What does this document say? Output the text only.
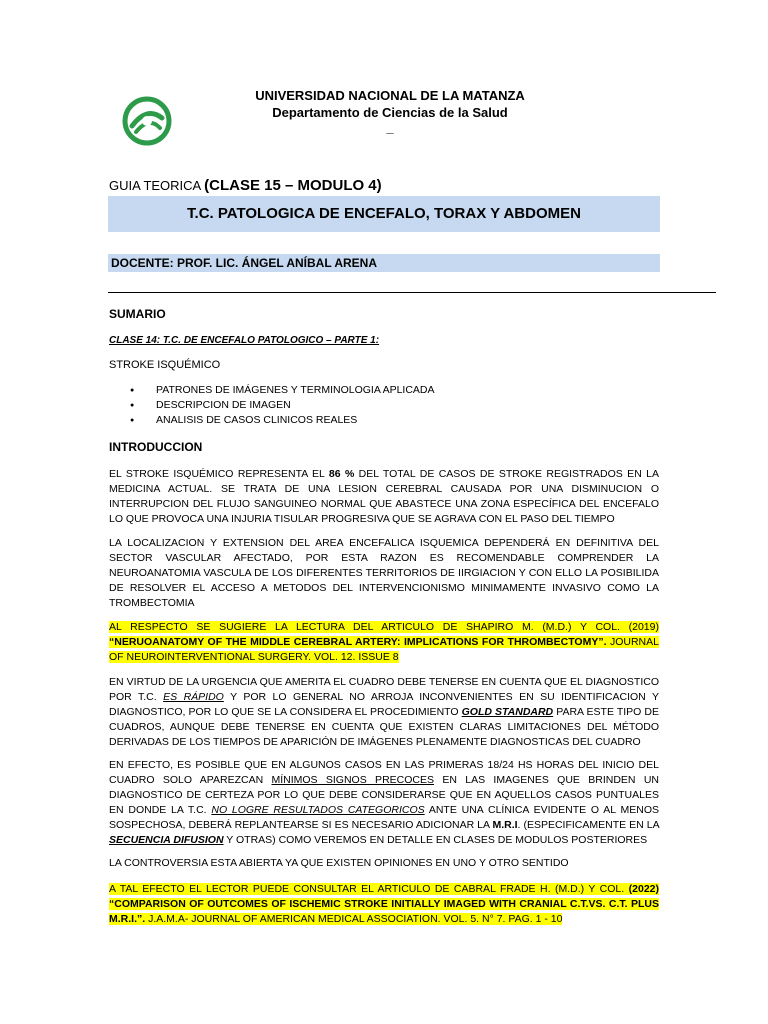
UNIVERSIDAD NACIONAL DE LA MATANZA
Departamento de Ciencias de la Salud
_
GUIA TEORICA (CLASE 15 – MODULO 4)
T.C. PATOLOGICA DE ENCEFALO, TORAX Y ABDOMEN
DOCENTE: PROF. LIC. ÁNGEL ANÍBAL ARENA
SUMARIO
CLASE 14: T.C. DE ENCEFALO PATOLOGICO – PARTE 1:
STROKE ISQUÉMICO
● PATRONES DE IMÁGENES Y TERMINOLOGIA APLICADA
● DESCRIPCION DE IMAGEN
● ANALISIS DE CASOS CLINICOS REALES
INTRODUCCION
EL STROKE ISQUÉMICO REPRESENTA EL 86 % DEL TOTAL DE CASOS DE STROKE REGISTRADOS EN LA MEDICINA ACTUAL. SE TRATA DE UNA LESION CEREBRAL CAUSADA POR UNA DISMINUCION O INTERRUPCION DEL FLUJO SANGUINEO NORMAL QUE ABASTECE UNA ZONA ESPECÍFICA DEL ENCEFALO LO QUE PROVOCA UNA INJURIA TISULAR PROGRESIVA QUE SE AGRAVA CON EL PASO DEL TIEMPO
LA LOCALIZACION Y EXTENSION DEL AREA ENCEFALICA ISQUEMICA DEPENDERÁ EN DEFINITIVA DEL SECTOR VASCULAR AFECTADO, POR ESTA RAZON ES RECOMENDABLE COMPRENDER LA NEUROANATOMIA VASCULA DE LOS DIFERENTES TERRITORIOS DE IIRGIACION Y CON ELLO LA POSIBILIDA DE RESOLVER EL ACCESO A METODOS DEL INTERVENCIONISMO MINIMAMENTE INVASIVO COMO LA TROMBECTOMIA
AL RESPECTO SE SUGIERE LA LECTURA DEL ARTICULO DE SHAPIRO M. (M.D.) Y COL. (2019) “NERUOANATOMY OF THE MIDDLE CEREBRAL ARTERY: IMPLICATIONS FOR THROMBECTOMY”. JOURNAL OF NEUROINTERVENTIONAL SURGERY. VOL. 12. ISSUE 8
EN VIRTUD DE LA URGENCIA QUE AMERITA EL CUADRO DEBE TENERSE EN CUENTA QUE EL DIAGNOSTICO POR T.C. ES RÁPIDO Y POR LO GENERAL NO ARROJA INCONVENIENTES EN SU IDENTIFICACION Y DIAGNOSTICO, POR LO QUE SE LA CONSIDERA EL PROCEDIMIENTO GOLD STANDARD PARA ESTE TIPO DE CUADROS, AUNQUE DEBE TENERSE EN CUENTA QUE EXISTEN CLARAS LIMITACIONES DEL MÉTODO DERIVADAS DE LOS TIEMPOS DE APARICIÓN DE IMÁGENES PLENAMENTE DIAGNOSTICAS DEL CUADRO
EN EFECTO, ES POSIBLE QUE EN ALGUNOS CASOS EN LAS PRIMERAS 18/24 HS HORAS DEL INICIO DEL CUADRO SOLO APAREZCAN MÍNIMOS SIGNOS PRECOCES EN LAS IMAGENES QUE BRINDEN UN DIAGNOSTICO DE CERTEZA POR LO QUE DEBE CONSIDERARSE QUE EN AQUELLOS CASOS PUNTUALES EN DONDE LA T.C. NO LOGRE RESULTADOS CATEGORICOS ANTE UNA CLÍNICA EVIDENTE O AL MENOS SOSPECHOSA, DEBERÁ REPLANTEARSE SI ES NECESARIO ADICIONAR LA M.R.I. (ESPECIFICAMENTE EN LA SECUENCIA DIFUSION Y OTRAS) COMO VEREMOS EN DETALLE EN CLASES DE MODULOS POSTERIORES
LA CONTROVERSIA ESTA ABIERTA YA QUE EXISTEN OPINIONES EN UNO Y OTRO SENTIDO
A TAL EFECTO EL LECTOR PUEDE CONSULTAR EL ARTICULO DE CABRAL FRADE H. (M.D.) Y COL. (2022) “COMPARISON OF OUTCOMES OF ISCHEMIC STROKE INITIALLY IMAGED WITH CRANIAL C.T.VS. C.T. PLUS M.R.I.”. J.A.M.A- JOURNAL OF AMERICAN MEDICAL ASSOCIATION. VOL. 5. N° 7. PAG. 1 - 10
